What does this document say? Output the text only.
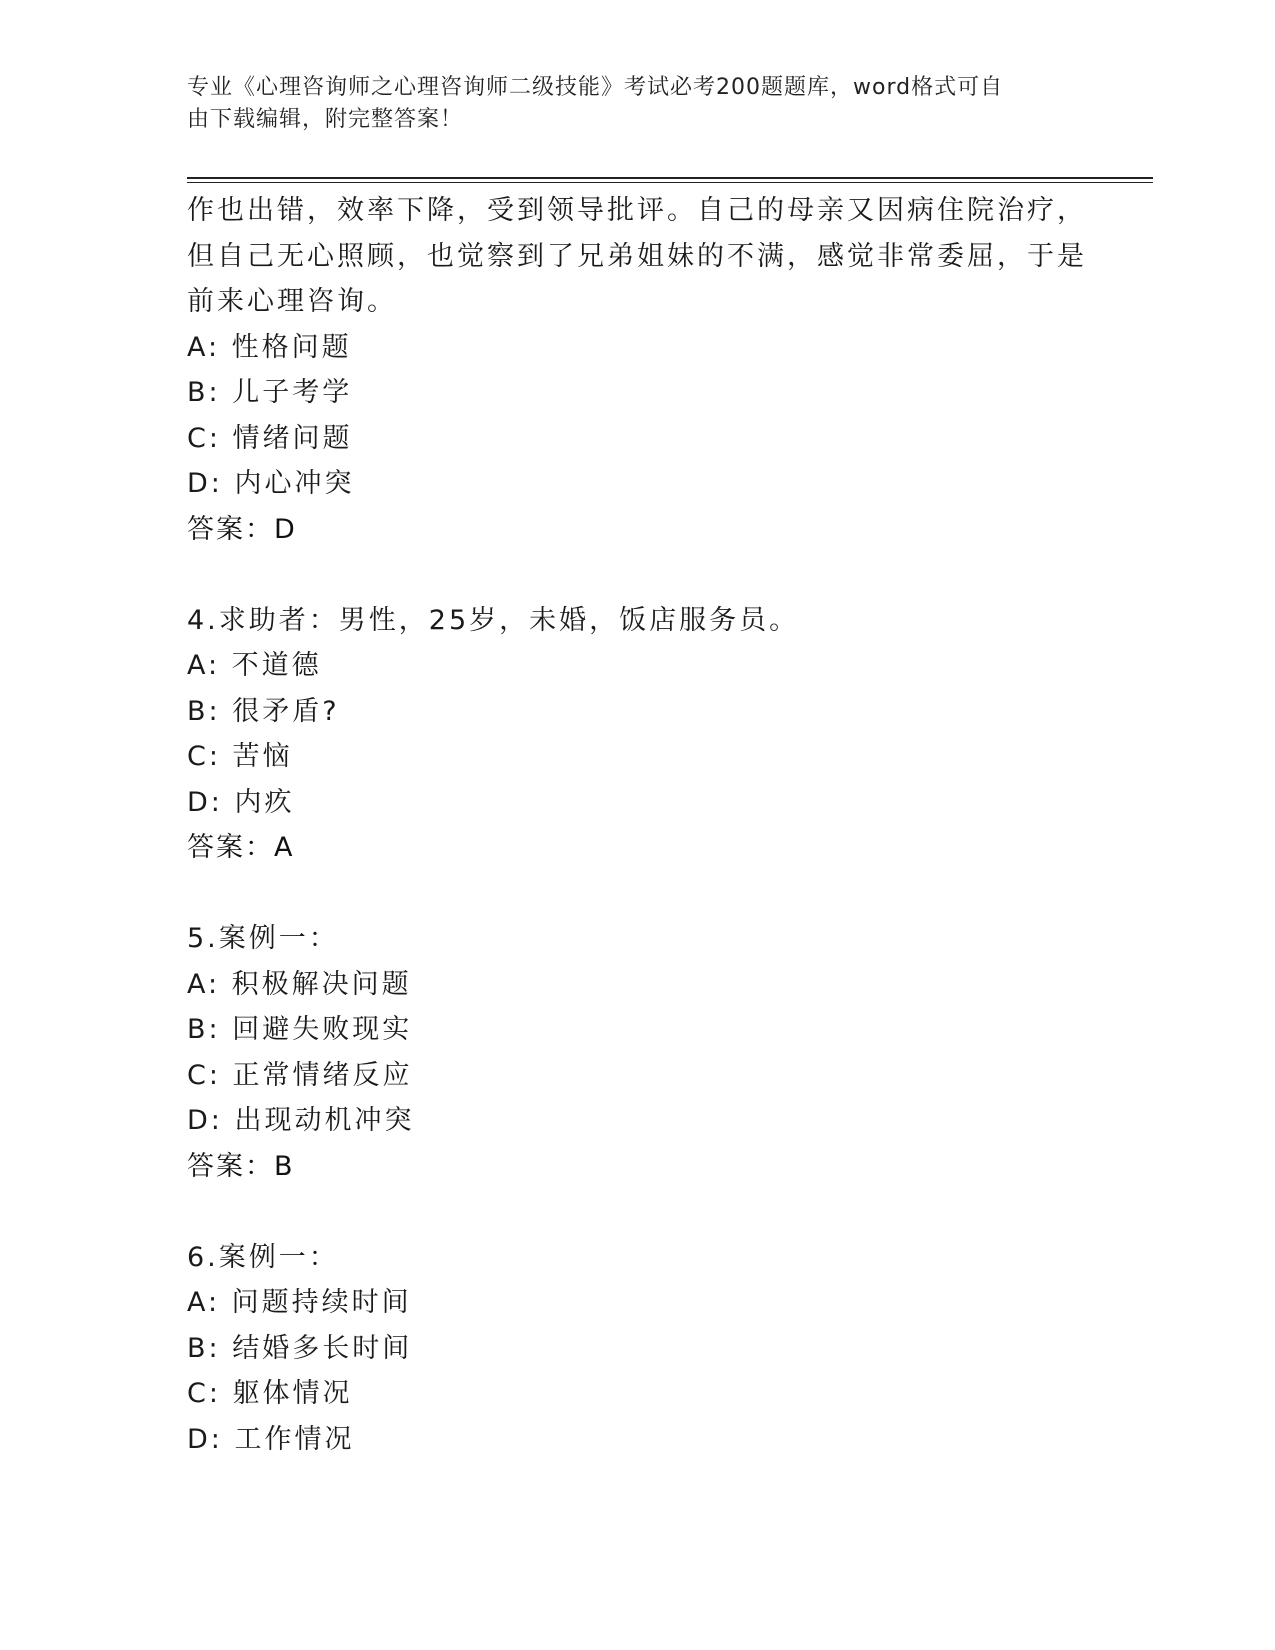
专业《心理咨询师之心理咨询师二级技能》考试必考200题题库，word格式可自
由下载编辑，附完整答案！
作也出错，效率下降，受到领导批评。自己的母亲又因病住院治疗，
但自己无心照顾，也觉察到了兄弟姐妹的不满，感觉非常委屈，于是
前来心理咨询。
A: 性格问题
B: 儿子考学
C: 情绪问题
D: 内心冲突
答案：D
4.求助者：男性，25岁，未婚，饭店服务员。
A: 不道德
B: 很矛盾?
C: 苦恼
D: 内疚
答案：A
5.案例一：
A: 积极解决问题
B: 回避失败现实
C: 正常情绪反应
D: 出现动机冲突
答案：B
6.案例一：
A: 问题持续时间
B: 结婚多长时间
C: 躯体情况
D: 工作情况
